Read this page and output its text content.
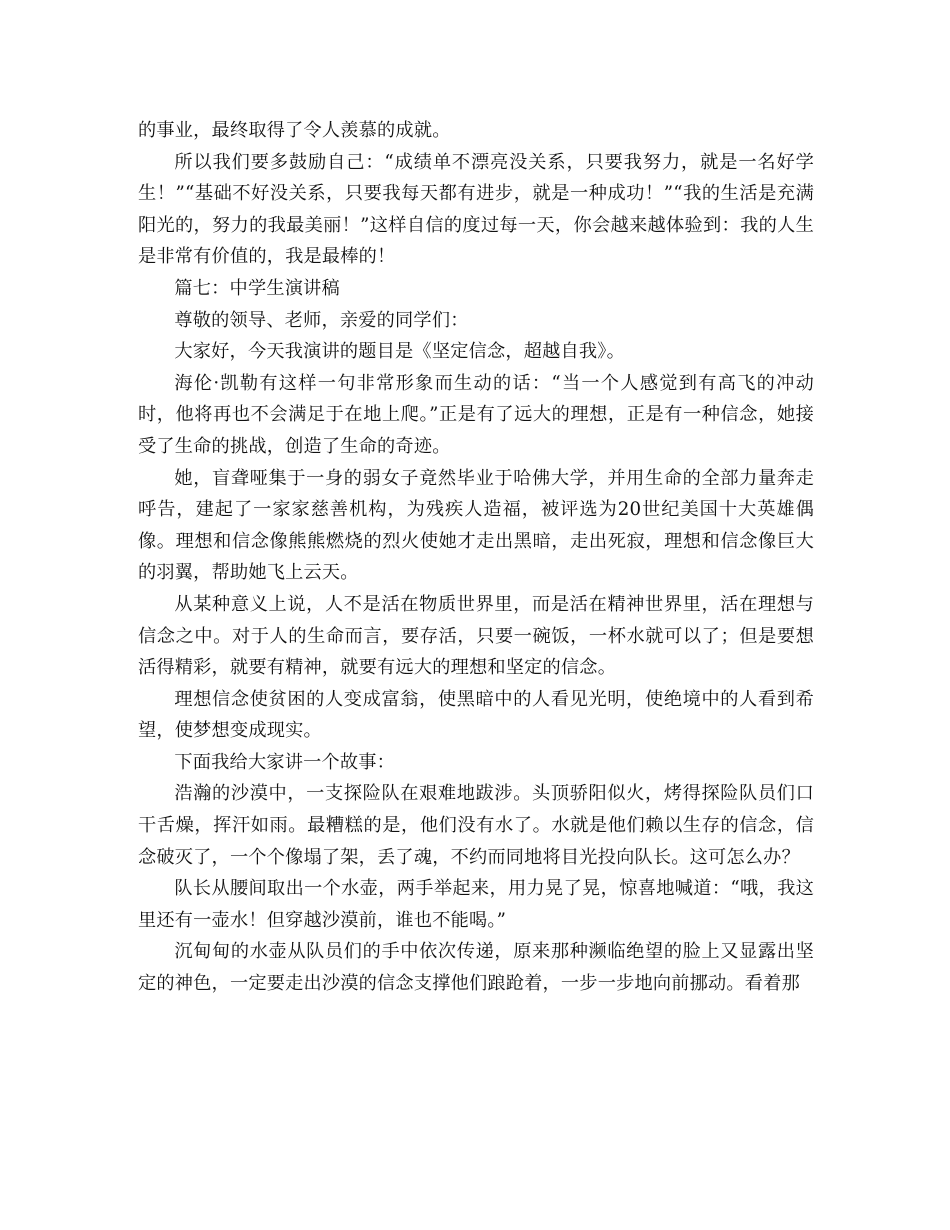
的事业，最终取得了令人羡慕的成就。

所以我们要多鼓励自己：“成绩单不漂亮没关系，只要我努力，就是一名好学生！”“基础不好没关系，只要我每天都有进步，就是一种成功！”“我的生活是充满阳光的，努力的我最美丽！”这样自信的度过每一天，你会越来越体验到：我的人生是非常有价值的，我是最棒的！

篇七：中学生演讲稿

尊敬的领导、老师，亲爱的同学们：

大家好，今天我演讲的题目是《坚定信念，超越自我》。

海伦·凯勒有这样一句非常形象而生动的话：“当一个人感觉到有高飞的冲动时，他将再也不会满足于在地上爬。”正是有了远大的理想，正是有一种信念，她接受了生命的挑战，创造了生命的奇迹。

她，盲聋哑集于一身的弱女子竟然毕业于哈佛大学，并用生命的全部力量奔走呼告，建起了一家家慈善机构，为残疾人造福，被评选为20世纪美国十大英雄偶像。理想和信念像熊熊燃烧的烈火使她才走出黑暗，走出死寂，理想和信念像巨大的羽翼，帮助她飞上云天。

从某种意义上说，人不是活在物质世界里，而是活在精神世界里，活在理想与信念之中。对于人的生命而言，要存活，只要一碗饭，一杯水就可以了；但是要想活得精彩，就要有精神，就要有远大的理想和坚定的信念。

理想信念使贫困的人变成富翁，使黑暗中的人看见光明，使绝境中的人看到希望，使梦想变成现实。

下面我给大家讲一个故事：

浩瀚的沙漠中，一支探险队在艰难地跋涉。头顶骄阳似火，烤得探险队员们口干舌燥，挥汗如雨。最糟糕的是，他们没有水了。水就是他们赖以生存的信念，信念破灭了，一个个像塌了架，丢了魂，不约而同地将目光投向队长。这可怎么办？

队长从腰间取出一个水壶，两手举起来，用力晃了晃，惊喜地喊道：“哦，我这里还有一壶水！但穿越沙漠前，谁也不能喝。”

沉甸甸的水壶从队员们的手中依次传递，原来那种濒临绝望的脸上又显露出坚定的神色，一定要走出沙漠的信念支撑他们踉跄着，一步一步地向前挪动。看着那
